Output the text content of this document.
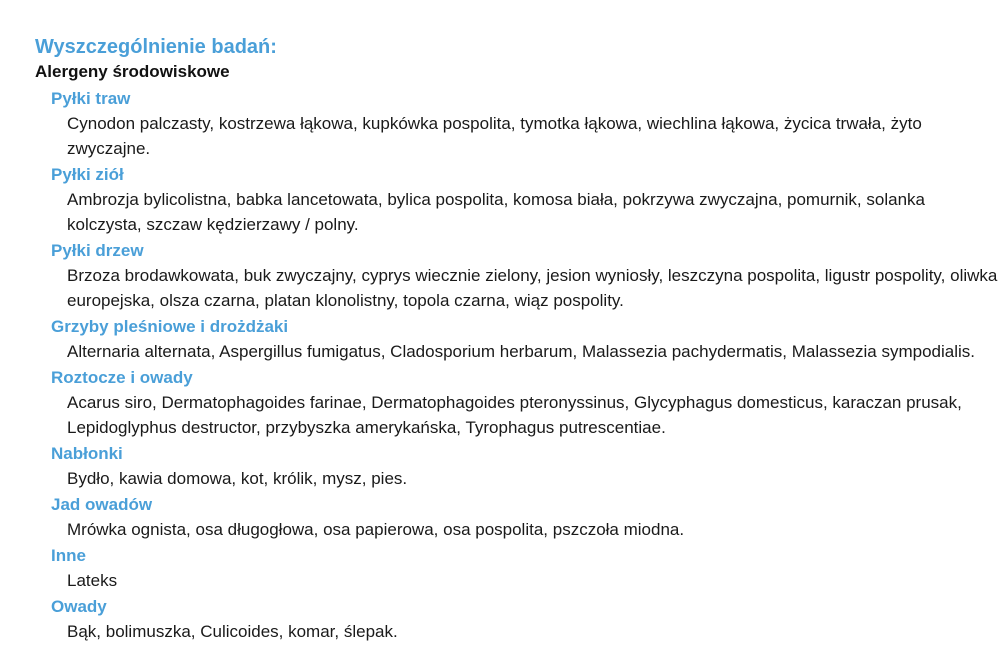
Wyszczególnienie badań:
Alergeny środowiskowe
Pyłki traw
Cynodon palczasty, kostrzewa łąkowa, kupkówka pospolita, tymotka łąkowa, wiechlina łąkowa, życica trwała, żyto zwyczajne.
Pyłki ziół
Ambrozja bylicolistna, babka lancetowata, bylica pospolita, komosa biała, pokrzywa zwyczajna, pomurnik, solanka kolczysta, szczaw kędzierzawy / polny.
Pyłki drzew
Brzoza brodawkowata, buk zwyczajny, cyprys wiecznie zielony, jesion wyniosły, leszczyna pospolita, ligustr pospolity, oliwka europejska, olsza czarna, platan klonolistny, topola czarna, wiąz pospolity.
Grzyby pleśniowe i drożdżaki
Alternaria alternata, Aspergillus fumigatus, Cladosporium herbarum, Malassezia pachydermatis, Malassezia sympodialis.
Roztocze i owady
Acarus siro, Dermatophagoides farinae, Dermatophagoides pteronyssinus, Glycyphagus domesticus, karaczan prusak, Lepidoglyphus destructor, przybyszka amerykańska, Tyrophagus putrescentiae.
Nabłonki
Bydło, kawia domowa, kot, królik, mysz, pies.
Jad owadów
Mrówka ognista, osa długogłowa, osa papierowa, osa pospolita, pszczoła miodna.
Inne
Lateks
Owady
Bąk, bolimuszka, Culicoides, komar, ślepak.
